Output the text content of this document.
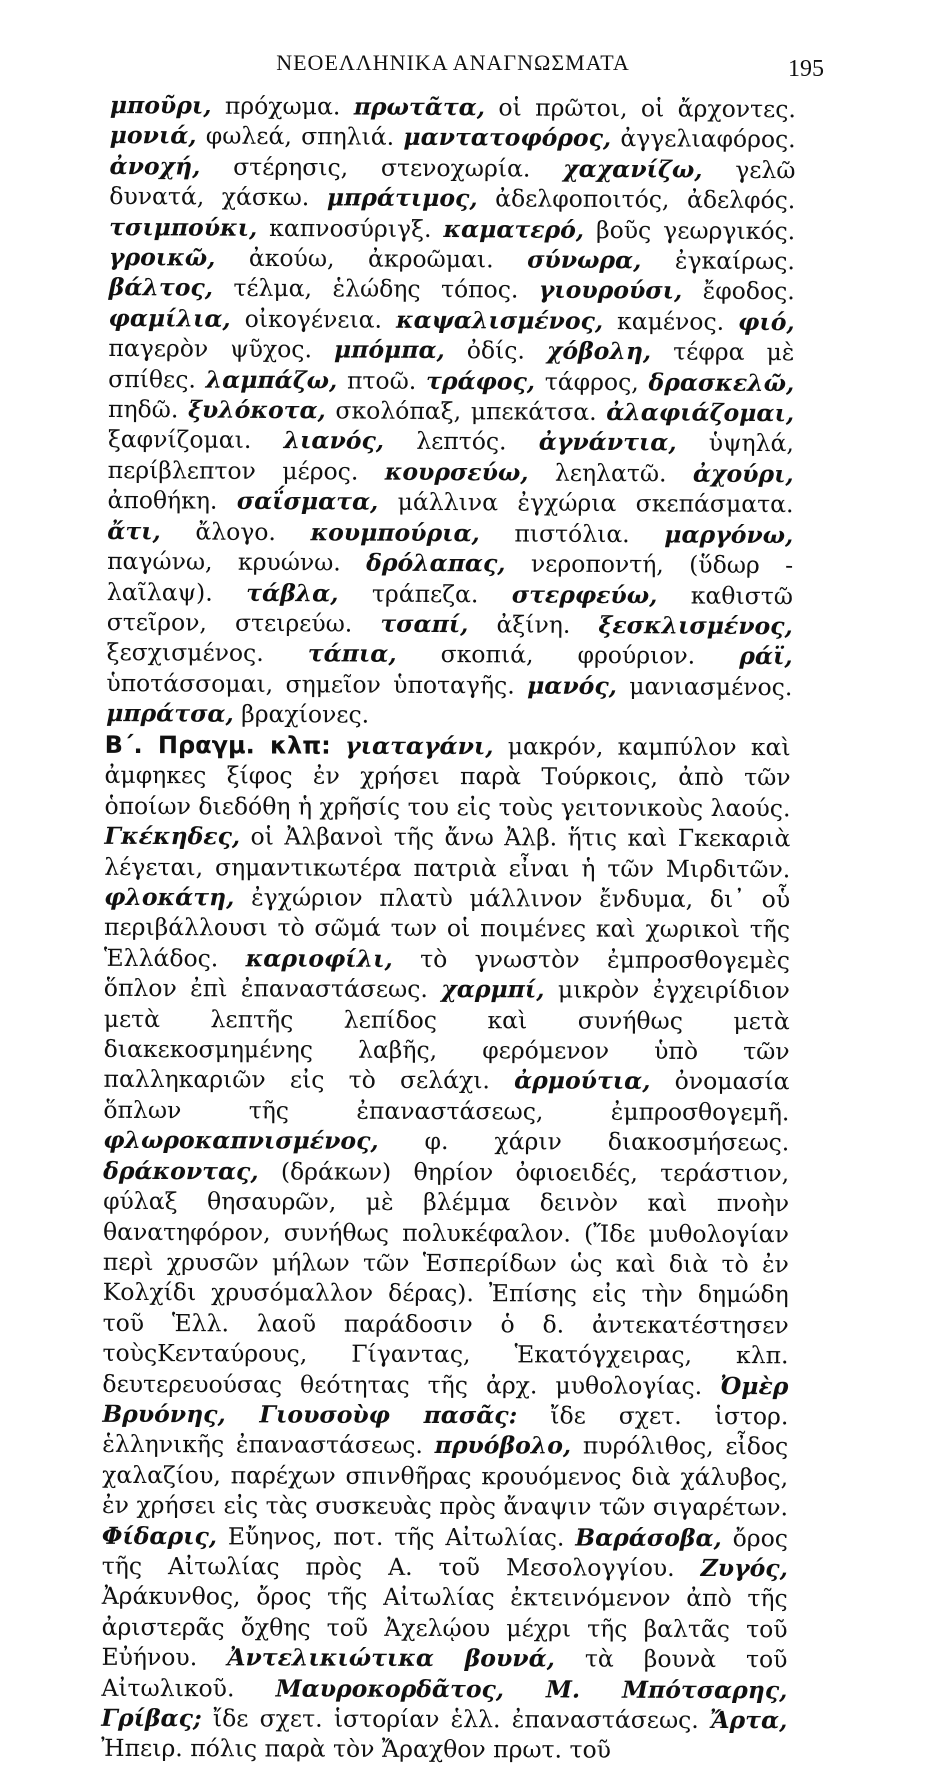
ΝΕΟΕΛΛΗΝΙΚΑ ΑΝΑΓΝΩΣΜΑΤΑ	195

μποῦρι, πρόχωμα. πρωτᾶτα, οἱ πρῶτοι, οἱ ἄρχοντες. μονιά, φωλεά, σπηλιά. μαντατοφόρος, ἀγγελιαφόρος. ἀνοχή, στέρησις, στενοχωρία. χαχανίζω, γελῶ δυνατά, χάσκω. μπράτιμος, ἀδελφοποιτός, ἀδελφός. τσιμπούκι, καπνοσύριγξ. καματερό, βοῦς γεωργικός. γροικῶ, ἀκούω, ἀκροῶμαι. σύνωρα, ἐγκαίρως. βάλτος, τέλμα, ἑλώδης τόπος. γιουρούσι, ἔφοδος. φαμίλια, οἰκογένεια. καψαλισμένος, καμένος. φιό, παγερὸν ψῦχος. μπόμπα, ὀδίς. χόβολη, τέφρα μὲ σπίθες. λαμπάζω, πτοῶ. τράφος, τάφρος, δρασκελῶ, πηδῶ. ξυλόκοτα, σκολόπαξ, μπεκάτσα. ἀλαφιάζομαι, ξαφνίζομαι. λιανός, λεπτός. ἀγνάντια, ὑψηλά, περίβλεπτον μέρος. κουρσεύω, λεηλατῶ. ἀχούρι, ἀποθήκη. σαΐσματα, μάλλινα ἐγχώρια σκεπάσματα. ἄτι, ἄλογο. κουμπούρια, πιστόλια. μαργόνω, παγώνω, κρυώνω. δρόλαπας, νεροποντή, (ὕδωρ - λαῖλαψ). τάβλα, τράπεζα. στερφεύω, καθιστῶ στεῖρον, στειρεύω. τσαπί, ἀξίνη. ξεσκλισμένος, ξεσχισμένος. τάπια, σκοπιά, φρούριον. ράϊ, ὑποτάσσομαι, σημεῖον ὑποταγῆς. μανός, μανιασμένος. μπράτσα, βραχίονες.

Β΄. Πραγμ. κλπ: γιαταγάνι, μακρόν, καμπύλον καὶ ἀμφηκες ξίφος ἐν χρήσει παρὰ Τούρκοις, ἀπὸ τῶν ὁποίων διεδόθη ἡ χρῆσίς του εἰς τοὺς γειτονικοὺς λαούς. Γκέκηδες, οἱ Ἀλβανοὶ τῆς ἄνω Ἀλβ. ἥτις καὶ Γκεκαριὰ λέγεται, σημαντικωτέρα πατριὰ εἶναι ἡ τῶν Μιρδιτῶν. φλοκάτη, ἐγχώριον πλατὺ μάλλινον ἔνδυμα, δι᾿ οὗ περιβάλλουσι τὸ σῶμά των οἱ ποιμένες καὶ χωρικοὶ τῆς Ἑλλάδος. καριοφίλι, τὸ γνωστὸν ἐμπροσθογεμὲς ὅπλον ἐπὶ ἐπαναστάσεως. χαρμπί, μικρὸν ἐγχειρίδιον μετὰ λεπτῆς λεπίδος καὶ συνήθως μετὰ διακεκοσμημένης λαβῆς, φερόμενον ὑπὸ τῶν παλληκαριῶν εἰς τὸ σελάχι. ἀρμούτια, ὀνομασία ὅπλων τῆς ἐπαναστάσεως, ἐμπροσθογεμῆ. φλωροκαπνισμένος, φ. χάριν διακοσμήσεως. δράκοντας, (δράκων) θηρίον ὀφιοειδές, τεράστιον, φύλαξ θησαυρῶν, μὲ βλέμμα δεινὸν καὶ πνοὴν θανατηφόρον, συνήθως πολυκέφαλον. (Ἴδε μυθολογίαν περὶ χρυσῶν μήλων τῶν Ἑσπερίδων ὡς καὶ διὰ τὸ ἐν Κολχίδι χρυσόμαλλον δέρας). Ἐπίσης εἰς τὴν δημώδη τοῦ Ἑλλ. λαοῦ παράδοσιν ὁ δ. ἀντεκατέστησεν τοὺςΚενταύρους, Γίγαντας, Ἑκατόγχειρας, κλπ. δευτερευούσας θεότητας τῆς ἀρχ. μυθολογίας. Ὀμὲρ Βρυόνης, Γιουσοὺφ πασᾶς: ἴδε σχετ. ἱστορ. ἑλληνικῆς ἐπαναστάσεως. πρυόβολο, πυρόλιθος, εἶδος χαλαζίου, παρέχων σπινθῆρας κρουόμενος διὰ χάλυβος, ἐν χρήσει εἰς τὰς συσκευὰς πρὸς ἄναψιν τῶν σιγαρέτων. Φίδαρις, Εὔηνος, ποτ. τῆς Αἰτωλίας. Βαράσοβα, ὄρος τῆς Αἰτωλίας πρὸς Α. τοῦ Μεσολογγίου. Ζυγός, Ἀράκυνθος, ὄρος τῆς Αἰτωλίας ἐκτεινόμενον ἀπὸ τῆς ἀριστερᾶς ὄχθης τοῦ Ἀχελῴου μέχρι τῆς βαλτᾶς τοῦ Εὐήνου. Ἀντελικιώτικα βουνά, τὰ βουνὰ τοῦ Αἰτωλικοῦ. Μαυροκορδᾶτος, Μ. Μπότσαρης, Γρίβας; ἴδε σχετ. ἱστορίαν ἑλλ. ἐπαναστάσεως. Ἄρτα, Ἠπειρ. πόλις παρὰ τὸν Ἄραχθον πρωτ. τοῦ
